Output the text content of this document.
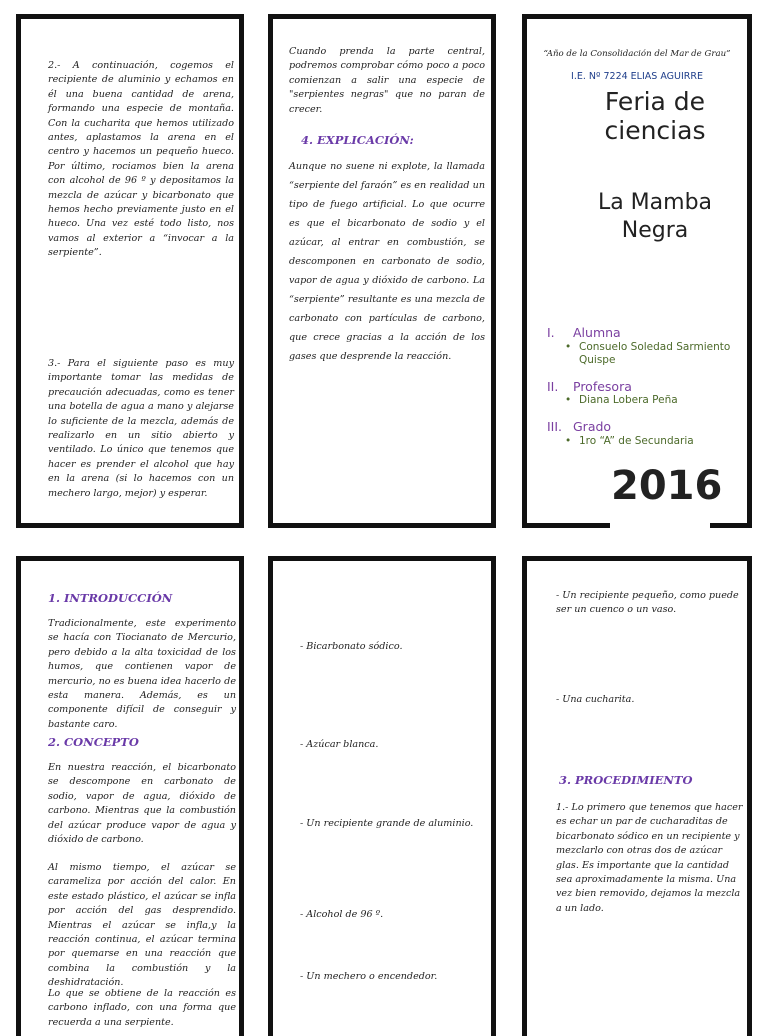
2.- A continuación, cogemos el recipiente de aluminio y echamos en él una buena cantidad de arena, formando una especie de montaña. Con la cucharita que hemos utilizado antes, aplastamos la arena en el centro y hacemos un pequeño hueco. Por último, rociamos bien la arena con alcohol de 96 º y depositamos la mezcla de azúcar y bicarbonato que hemos hecho previamente justo en el hueco. Una vez esté todo listo, nos vamos al exterior a “invocar a la serpiente”.
3.- Para el siguiente paso es muy importante tomar las medidas de precaución adecuadas, como es tener una botella de agua a mano y alejarse lo suficiente de la mezcla, además de realizarlo en un sitio abierto y ventilado. Lo único que tenemos que hacer es prender el alcohol que hay en la arena (si lo hacemos con un mechero largo, mejor) y esperar.
Cuando prenda la parte central, podremos comprobar cómo poco a poco comienzan a salir una especie de "serpientes negras" que no paran de crecer.
4. EXPLICACIÓN:
Aunque no suene ni explote, la llamada “serpiente del faraón” es en realidad un tipo de fuego artificial. Lo que ocurre es que el bicarbonato de sodio y el azúcar, al entrar en combustión, se descomponen en carbonato de sodio, vapor de agua y dióxido de carbono. La “serpiente” resultante es una mezcla de carbonato con partículas de carbono, que crece gracias a la acción de los gases que desprende la reacción.
“Año de la Consolidación del Mar de Grau”
I.E. Nº 7224 ELIAS AGUIRRE
Feria de
ciencias
La Mamba
Negra
I. Alumna
• Consuelo Soledad Sarmiento
Quispe
II. Profesora
• Diana Lobera Peña
III. Grado
• 1ro “A” de Secundaria
2016
1. INTRODUCCIÓN
Tradicionalmente, este experimento se hacía con Tiocianato de Mercurio, pero debido a la alta toxicidad de los humos, que contienen vapor de mercurio, no es buena idea hacerlo de esta manera. Además, es un componente difícil de conseguir y bastante caro.
2. CONCEPTO
En nuestra reacción, el bicarbonato se descompone en carbonato de sodio, vapor de agua, dióxido de carbono. Mientras que la combustión del azúcar produce vapor de agua y dióxido de carbono.
Al mismo tiempo, el azúcar se carameliza por acción del calor. En este estado plástico, el azúcar se infla por acción del gas desprendido. Mientras el azúcar se infla,y la reacción continua, el azúcar termina por quemarse en una reacción que combina la combustión y la deshidratación.
Lo que se obtiene de la reacción es carbono inflado, con una forma que recuerda a una serpiente.
- Bicarbonato sódico.
- Azúcar blanca.
- Un recipiente grande de aluminio.
- Alcohol de 96 º.
- Un mechero o encendedor.
- Un recipiente pequeño, como puede ser un cuenco o un vaso.
- Una cucharita.
3. PROCEDIMIENTO
1.- Lo primero que tenemos que hacer es echar un par de cucharaditas de bicarbonato sódico en un recipiente y mezclarlo con otras dos de azúcar glas. Es importante que la cantidad sea aproximadamente la misma. Una vez bien removido, dejamos la mezcla a un lado.
